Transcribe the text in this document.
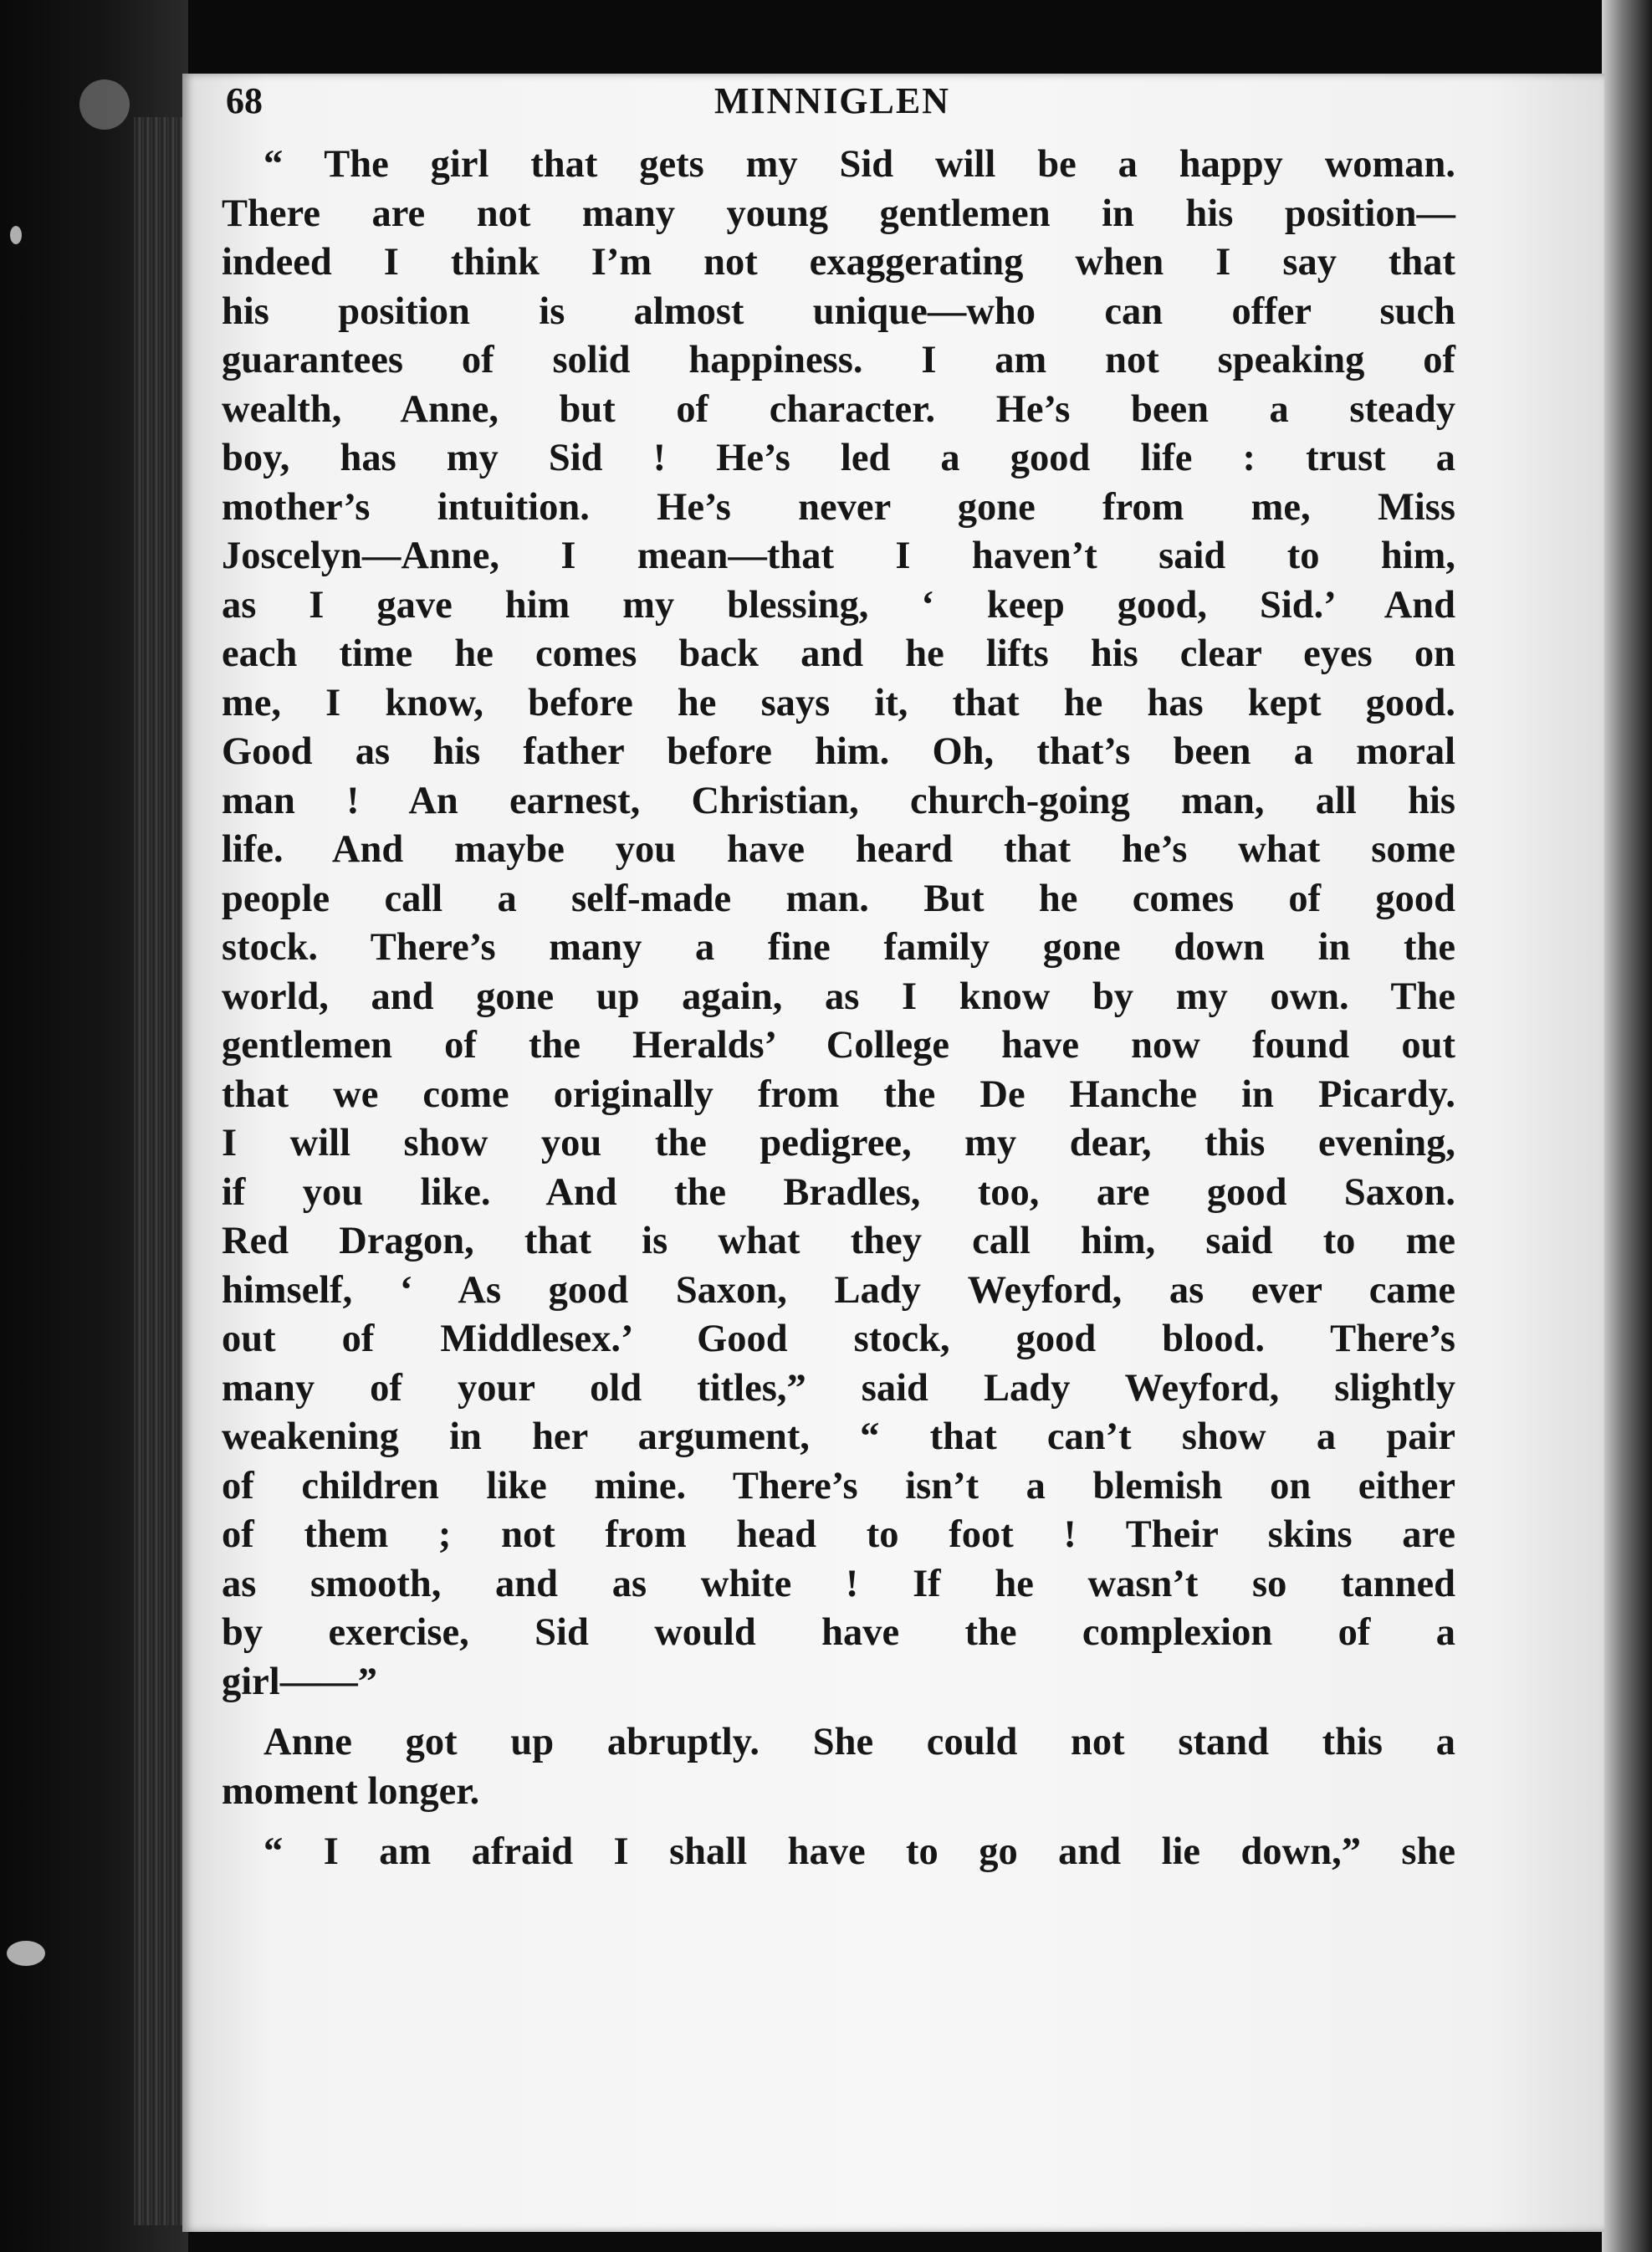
68	MINNIGLEN
“ The girl that gets my Sid will be a happy woman.
There are not many young gentlemen in his position—
indeed I think I’m not exaggerating when I say that
his position is almost unique—who can offer such
guarantees of solid happiness. I am not speaking of
wealth, Anne, but of character. He’s been a steady
boy, has my Sid ! He’s led a good life : trust a
mother’s intuition. He’s never gone from me, Miss
Joscelyn—Anne, I mean—that I haven’t said to him,
as I gave him my blessing, ‘ keep good, Sid.’ And
each time he comes back and he lifts his clear eyes on
me, I know, before he says it, that he has kept good.
Good as his father before him. Oh, that’s been a moral
man ! An earnest, Christian, church-going man, all his
life. And maybe you have heard that he’s what some
people call a self-made man. But he comes of good
stock. There’s many a fine family gone down in the
world, and gone up again, as I know by my own. The
gentlemen of the Heralds’ College have now found out
that we come originally from the De Hanche in Picardy.
I will show you the pedigree, my dear, this evening,
if you like. And the Bradles, too, are good Saxon.
Red Dragon, that is what they call him, said to me
himself, ‘ As good Saxon, Lady Weyford, as ever came
out of Middlesex.’ Good stock, good blood. There’s
many of your old titles,” said Lady Weyford, slightly
weakening in her argument, “ that can’t show a pair
of children like mine. There’s isn’t a blemish on either
of them ; not from head to foot ! Their skins are
as smooth, and as white ! If he wasn’t so tanned
by exercise, Sid would have the complexion of a
girl——”
Anne got up abruptly. She could not stand this a
moment longer.
“ I am afraid I shall have to go and lie down,” she
